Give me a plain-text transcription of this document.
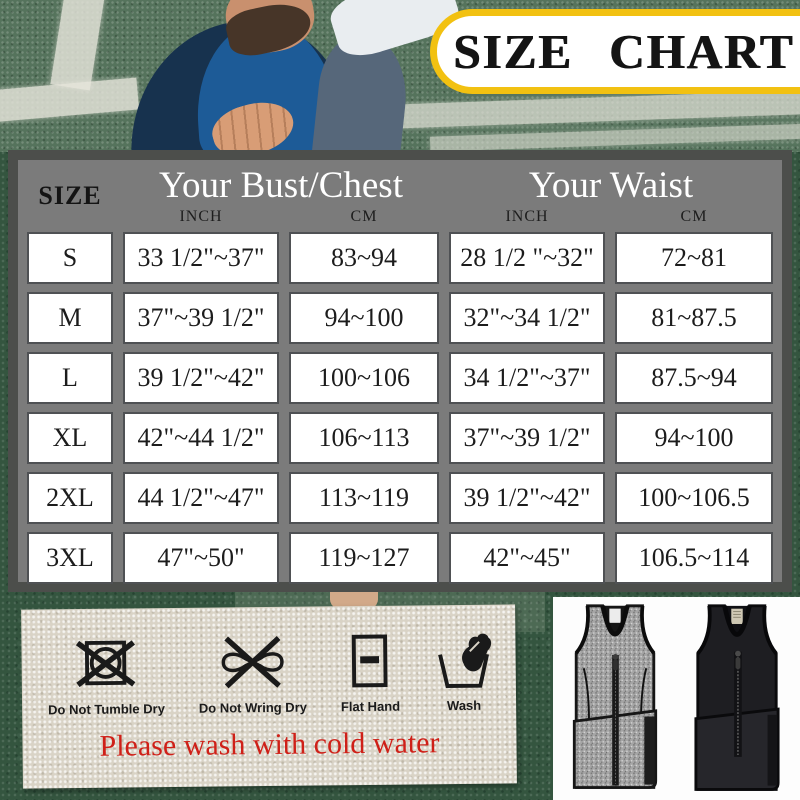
SIZE CHART
SIZE	Your Bust/Chest	Your Waist
INCH	CM	INCH	CM
S	33 1/2"~37"	83~94	28 1/2 "~32"	72~81
M	37"~39 1/2"	94~100	32"~34 1/2"	81~87.5
L	39 1/2"~42"	100~106	34 1/2"~37"	87.5~94
XL	42"~44 1/2"	106~113	37"~39 1/2"	94~100
2XL	44 1/2"~47"	113~119	39 1/2"~42"	100~106.5
3XL	47"~50"	119~127	42"~45"	106.5~114
Do Not Tumble Dry	Do Not Wring Dry	Flat Hand	Wash
Please wash with cold water
